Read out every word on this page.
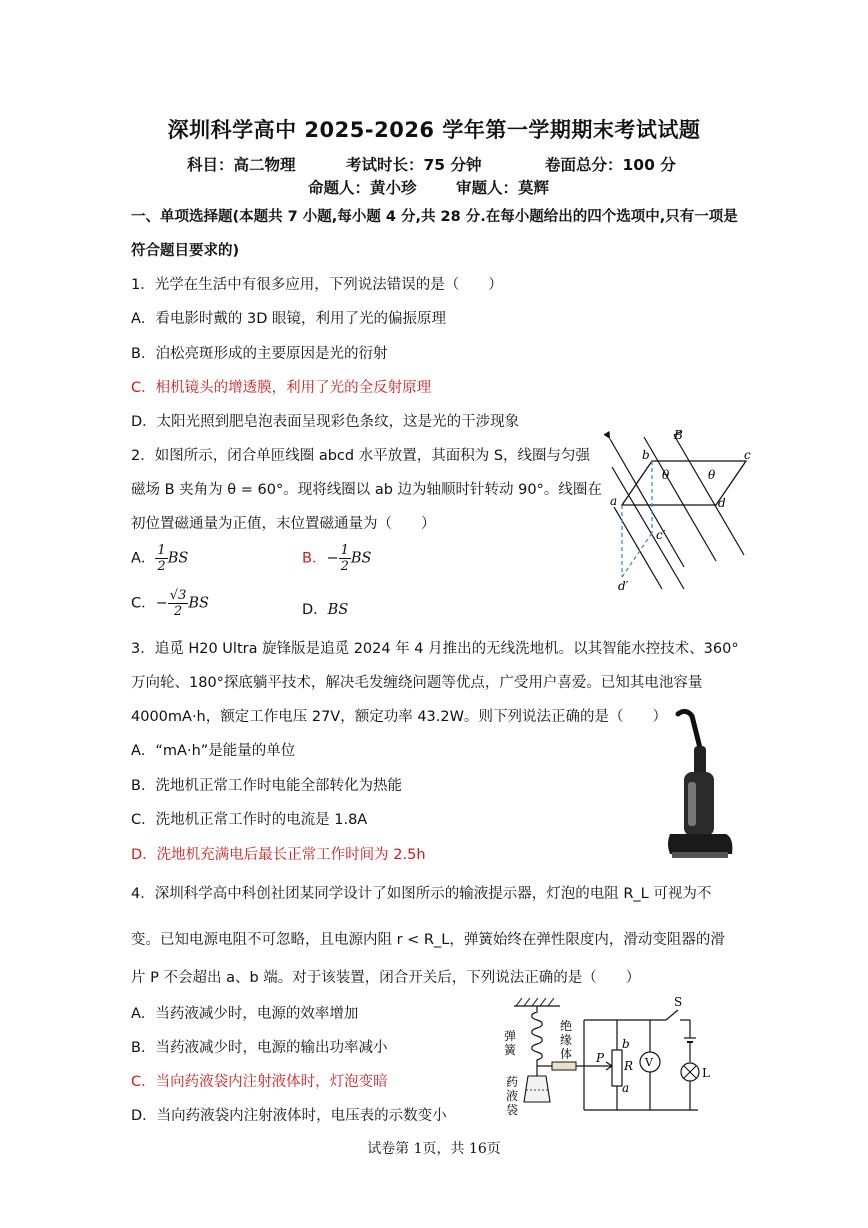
深圳科学高中 2025-2026 学年第一学期期末考试试题
科目：高二物理	考试时长：75 分钟	卷面总分：100 分
命题人：黄小珍	审题人：莫辉
一、单项选择题(本题共 7 小题,每小题 4 分,共 28 分.在每小题给出的四个选项中,只有一项是
符合题目要求的)
1．光学在生活中有很多应用，下列说法错误的是（　　）
A．看电影时戴的 3D 眼镜，利用了光的偏振原理
B．泊松亮斑形成的主要原因是光的衍射
C．相机镜头的增透膜，利用了光的全反射原理
D．太阳光照到肥皂泡表面呈现彩色条纹，这是光的干涉现象
2．如图所示，闭合单匝线圈 abcd 水平放置，其面积为 S，线圈与匀强
磁场 B 夹角为 θ = 60°。现将线圈以 ab 边为轴顺时针转动 90°。线圈在
初位置磁通量为正值，末位置磁通量为（　　）
A． $\frac{1}{2}$ BS	B．− $\frac{1}{2}$ BS
C．− $\frac{√3}{2}$ BS	D．BS
B
b	c
a	d
c′
d′
θ	θ
3．追觅 H20 Ultra 旋锋版是追觅 2024 年 4 月推出的无线洗地机。以其智能水控技术、360°
万向轮、180°探底躺平技术，解决毛发缠绕问题等优点，广受用户喜爱。已知其电池容量
4000mA·h，额定工作电压 27V，额定功率 43.2W。则下列说法正确的是（　　）
A．“mA·h”是能量的单位
B．洗地机正常工作时电能全部转化为热能
C．洗地机正常工作时的电流是 1.8A
D．洗地机充满电后最长正常工作时间为 2.5h
4．深圳科学高中科创社团某同学设计了如图所示的输液提示器，灯泡的电阻 R_L 可视为不
变。已知电源电阻不可忽略，且电源内阻 r < R_L，弹簧始终在弹性限度内，滑动变阻器的滑
片 P 不会超出 a、b 端。对于该装置，闭合开关后，下列说法正确的是（　　）
A．当药液减少时，电源的效率增加
B．当药液减少时，电源的输出功率减小
C．当向药液袋内注射液体时，灯泡变暗
D．当向药液袋内注射液体时，电压表的示数变小
弹
簧
绝
缘
体
药
液
袋
P
R
b
a
V
S
L
试卷第 1页，共 16页
